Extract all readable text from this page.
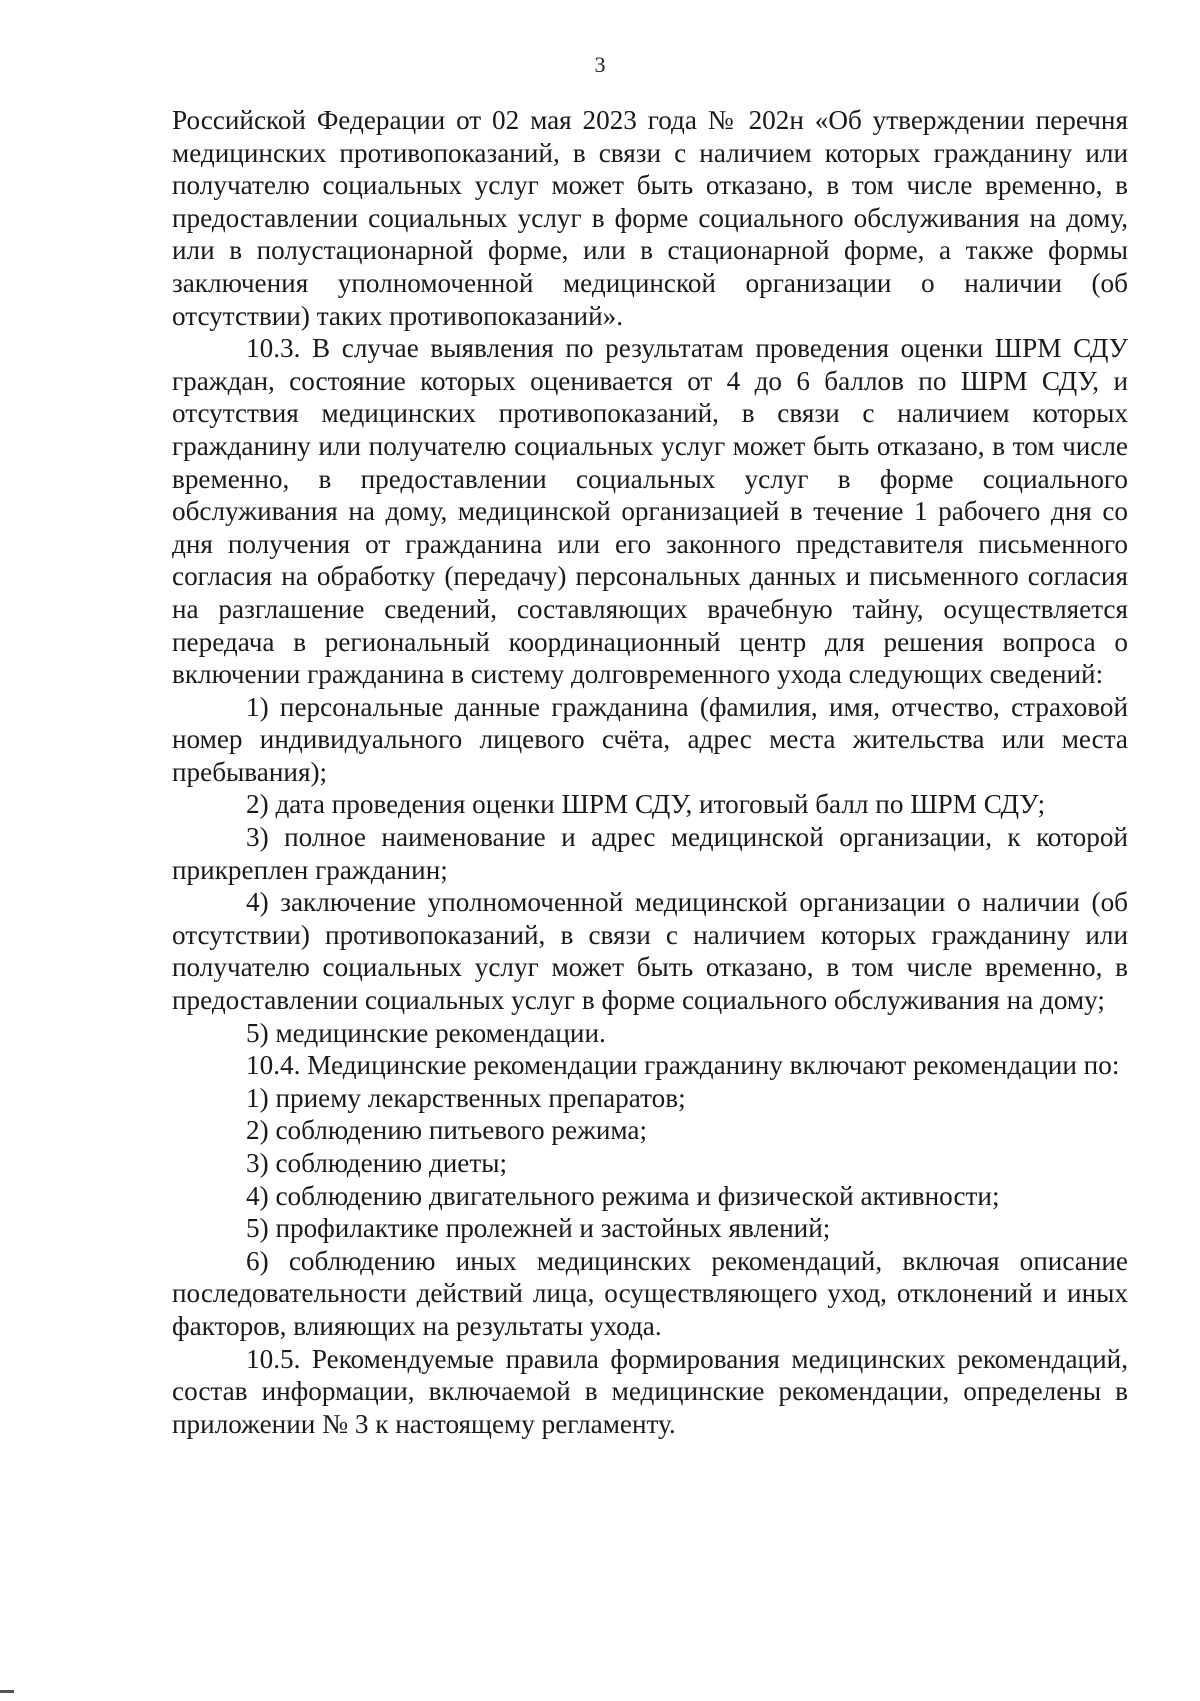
3

Российской Федерации от 02 мая 2023 года № 202н «Об утверждении перечня медицинских противопоказаний, в связи с наличием которых гражданину или получателю социальных услуг может быть отказано, в том числе временно, в предоставлении социальных услуг в форме социального обслуживания на дому, или в полустационарной форме, или в стационарной форме, а также формы заключения уполномоченной медицинской организации о наличии (об отсутствии) таких противопоказаний».

10.3. В случае выявления по результатам проведения оценки ШРМ СДУ граждан, состояние которых оценивается от 4 до 6 баллов по ШРМ СДУ, и отсутствия медицинских противопоказаний, в связи с наличием которых гражданину или получателю социальных услуг может быть отказано, в том числе временно, в предоставлении социальных услуг в форме социального обслуживания на дому, медицинской организацией в течение 1 рабочего дня со дня получения от гражданина или его законного представителя письменного согласия на обработку (передачу) персональных данных и письменного согласия на разглашение сведений, составляющих врачебную тайну, осуществляется передача в региональный координационный центр для решения вопроса о включении гражданина в систему долговременного ухода следующих сведений:

1) персональные данные гражданина (фамилия, имя, отчество, страховой номер индивидуального лицевого счёта, адрес места жительства или места пребывания);

2) дата проведения оценки ШРМ СДУ, итоговый балл по ШРМ СДУ;

3) полное наименование и адрес медицинской организации, к которой прикреплен гражданин;

4) заключение уполномоченной медицинской организации о наличии (об отсутствии) противопоказаний, в связи с наличием которых гражданину или получателю социальных услуг может быть отказано, в том числе временно, в предоставлении социальных услуг в форме социального обслуживания на дому;

5) медицинские рекомендации.

10.4. Медицинские рекомендации гражданину включают рекомендации по:

1) приему лекарственных препаратов;

2) соблюдению питьевого режима;

3) соблюдению диеты;

4) соблюдению двигательного режима и физической активности;

5) профилактике пролежней и застойных явлений;

6) соблюдению иных медицинских рекомендаций, включая описание последовательности действий лица, осуществляющего уход, отклонений и иных факторов, влияющих на результаты ухода.

10.5. Рекомендуемые правила формирования медицинских рекомендаций, состав информации, включаемой в медицинские рекомендации, определены в приложении № 3 к настоящему регламенту.
